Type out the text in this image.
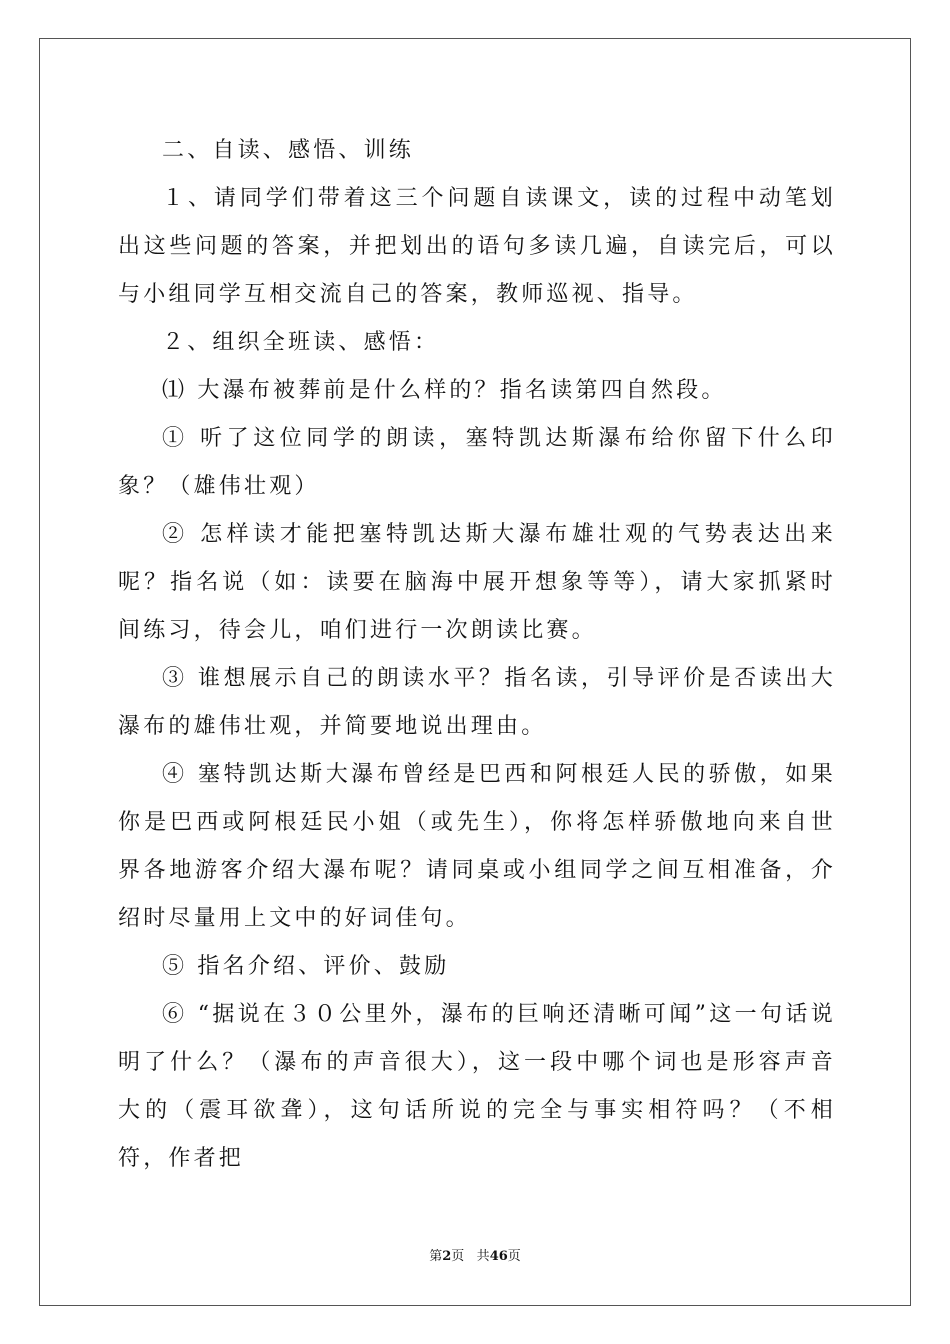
二、自读、感悟、训练

１、请同学们带着这三个问题自读课文，读的过程中动笔划出这些问题的答案，并把划出的语句多读几遍，自读完后，可以与小组同学互相交流自己的答案，教师巡视、指导。

２、组织全班读、感悟：

⑴ 大瀑布被葬前是什么样的？指名读第四自然段。

① 听了这位同学的朗读，塞特凯达斯瀑布给你留下什么印象？（雄伟壮观）

② 怎样读才能把塞特凯达斯大瀑布雄壮观的气势表达出来呢？指名说（如：读要在脑海中展开想象等等），请大家抓紧时间练习，待会儿，咱们进行一次朗读比赛。

③ 谁想展示自己的朗读水平？指名读，引导评价是否读出大瀑布的雄伟壮观，并简要地说出理由。

④ 塞特凯达斯大瀑布曾经是巴西和阿根廷人民的骄傲，如果你是巴西或阿根廷民小姐（或先生），你将怎样骄傲地向来自世界各地游客介绍大瀑布呢？请同桌或小组同学之间互相准备，介绍时尽量用上文中的好词佳句。

⑤ 指名介绍、评价、鼓励

⑥ “据说在３０公里外，瀑布的巨响还清晰可闻”这一句话说明了什么？（瀑布的声音很大），这一段中哪个词也是形容声音大的（震耳欲聋），这句话所说的完全与事实相符吗？（不相符，作者把

第2页 共46页
